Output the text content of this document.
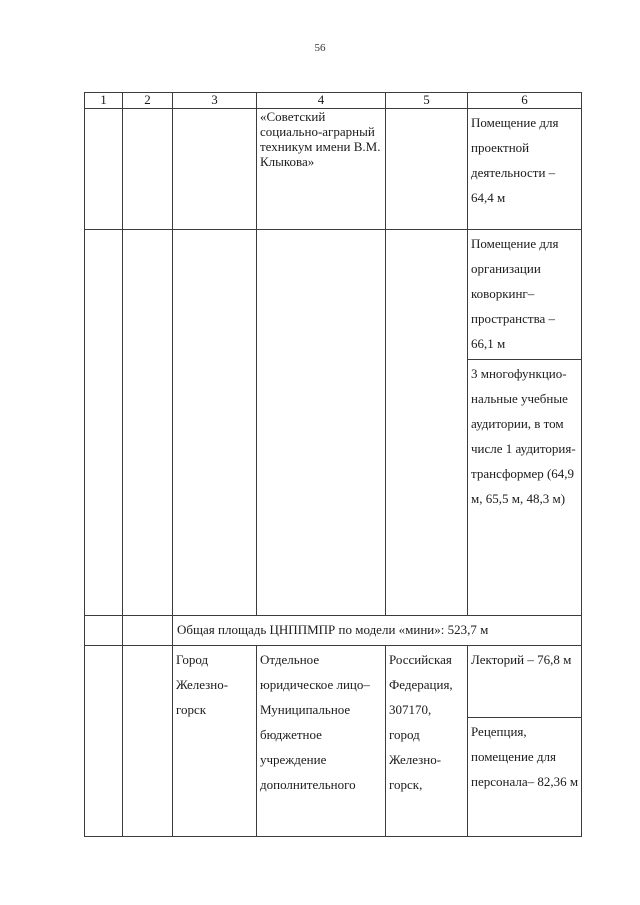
56
1	2	3	4	5	6
			«Советский социально-аграрный техникум имени В.М. Клыкова»		Помещение для проектной деятельности – 64,4 м
					Помещение для организации коворкинг–пространства – 66,1 м
					3 многофункцио-нальные учебные аудитории, в том числе 1 аудитория-трансформер (64,9 м, 65,5 м, 48,3 м)
		Общая площадь ЦНППМПР по модели «мини»: 523,7 м			
		Город Железно-горск	Отдельное юридическое лицо– Муниципальное бюджетное учреждение дополнительного	Российская Федерация, 307170, город Железно-горск,	Лекторий – 76,8 м
					Рецепция, помещение для персонала– 82,36 м
